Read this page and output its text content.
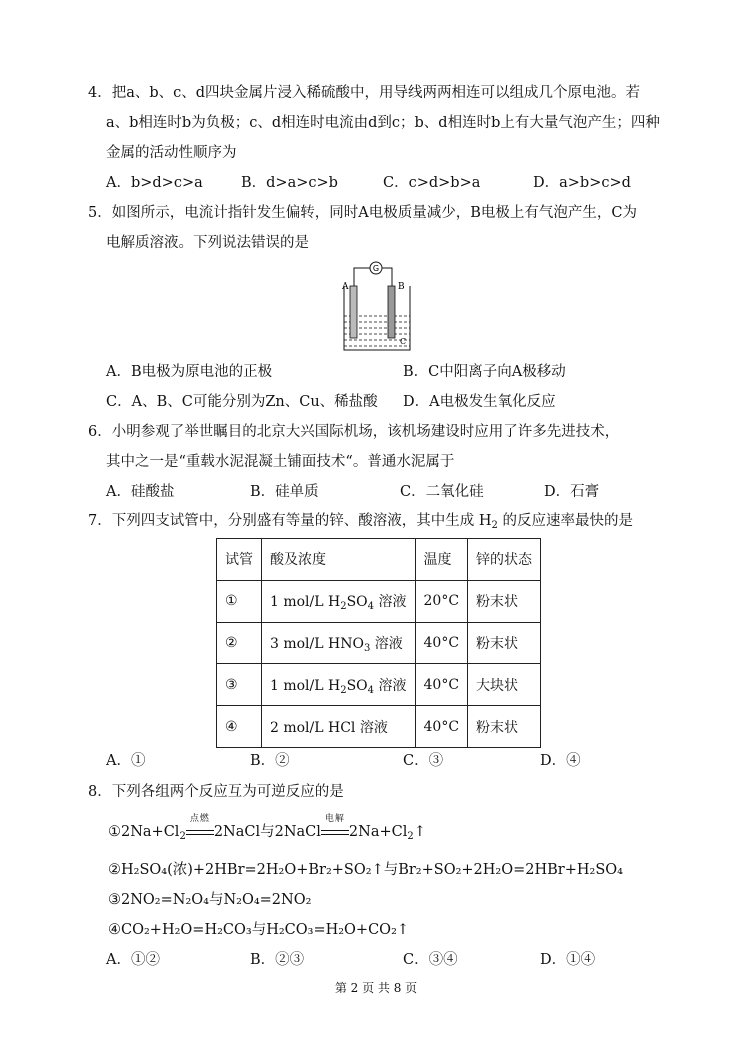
4．把a、b、c、d四块金属片浸入稀硫酸中，用导线两两相连可以组成几个原电池。若
a、b相连时b为负极；c、d相连时电流由d到c；b、d相连时b上有大量气泡产生；四种
金属的活动性顺序为
A．b>d>c>a	B．d>a>c>b	C．c>d>b>a	D．a>b>c>d
5．如图所示，电流计指针发生偏转，同时A电极质量减少，B电极上有气泡产生，C为
电解质溶液。下列说法错误的是
G
A	B
C
A．B电极为原电池的正极	B．C中阳离子向A极移动
C．A、B、C可能分别为Zn、Cu、稀盐酸 D．A电极发生氧化反应
6．小明参观了举世瞩目的北京大兴国际机场，该机场建设时应用了许多先进技术，
其中之一是“重载水泥混凝土铺面技术“。普通水泥属于
A．硅酸盐	B．硅单质	C．二氧化硅	D．石膏
7．下列四支试管中，分别盛有等量的锌、酸溶液，其中生成 $H_2$ 的反应速率最快的是
试管	酸及浓度	温度	锌的状态
①	1 mol/L $H_2SO_4$ 溶液	20°C	粉末状
②	3 mol/L $HNO_3$ 溶液	40°C	粉末状
③	1 mol/L $H_2SO_4$ 溶液	40°C	大块状
④	2 mol/L HCl 溶液	40°C	粉末状
A．①	B．②	C．③	D．④
8．下列各组两个反应互为可逆反应的是
$①2Na+Cl_2$
点燃
2NaCl与2NaCl
电解
$2Na+Cl_2↑$
②H₂SO₄(浓)+2HBr=2H₂O+Br₂+SO₂↑与Br₂+SO₂+2H₂O=2HBr+H₂SO₄
③2NO₂=N₂O₄与N₂O₄=2NO₂
④CO₂+H₂O=H₂CO₃与H₂CO₃=H₂O+CO₂↑
A．①②	B．②③	C．③④	D．①④
第 2 页 共 8 页
